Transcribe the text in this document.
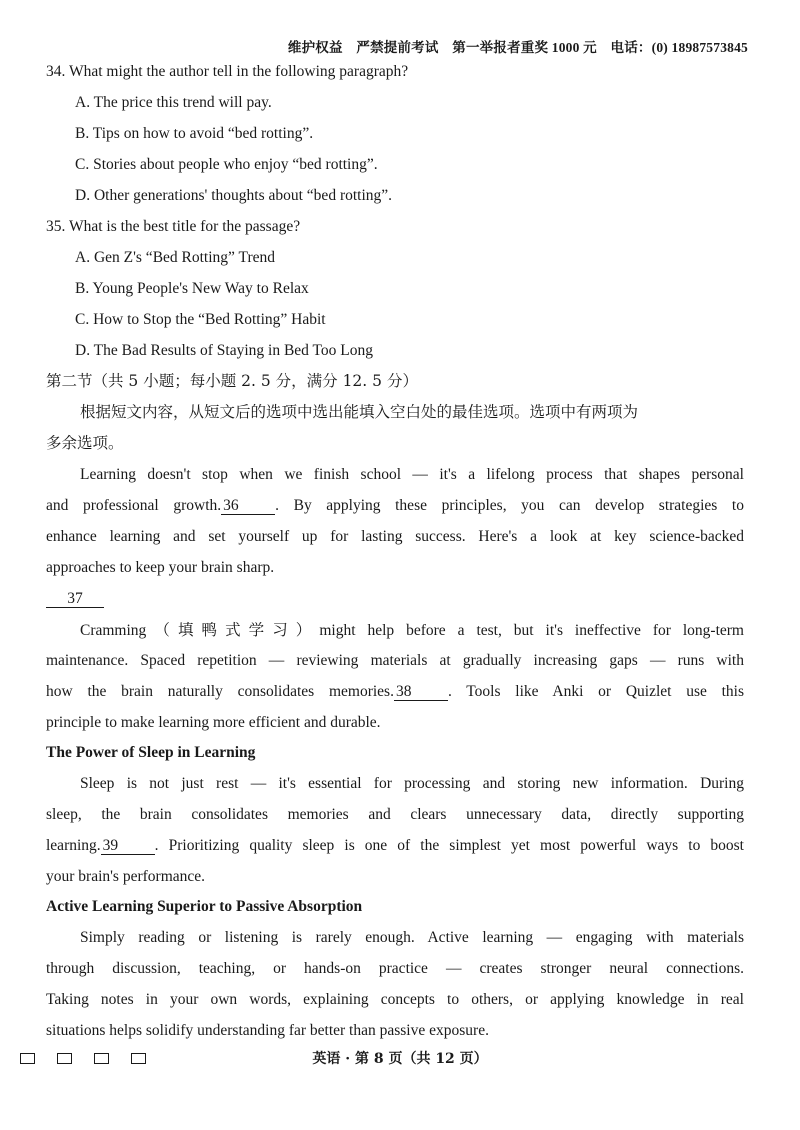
维护权益　严禁提前考试　第一举报者重奖 1000 元　电话：(0) 18987573845
34. What might the author tell in the following paragraph?
A. The price this trend will pay.
B. Tips on how to avoid “bed rotting”.
C. Stories about people who enjoy “bed rotting”.
D. Other generations' thoughts about “bed rotting”.
35. What is the best title for the passage?
A. Gen Z's “Bed Rotting” Trend
B. Young People's New Way to Relax
C. How to Stop the “Bed Rotting” Habit
D. The Bad Results of Staying in Bed Too Long
第二节（共 5 小题；每小题 2. 5 分，满分 12. 5 分）
根据短文内容，从短文后的选项中选出能填入空白处的最佳选项。选项中有两项为
多余选项。
Learning doesn't stop when we finish school — it's a lifelong process that shapes personal
and professional growth. 36 . By applying these principles, you can develop strategies to
enhance learning and set yourself up for lasting success. Here's a look at key science-backed
approaches to keep your brain sharp.
37
Cramming（填鸭式学习）might help before a test, but it's ineffective for long-term
maintenance. Spaced repetition — reviewing materials at gradually increasing gaps — runs with
how the brain naturally consolidates memories. 38 . Tools like Anki or Quizlet use this
principle to make learning more efficient and durable.
The Power of Sleep in Learning
Sleep is not just rest — it's essential for processing and storing new information. During
sleep, the brain consolidates memories and clears unnecessary data, directly supporting
learning. 39 . Prioritizing quality sleep is one of the simplest yet most powerful ways to boost
your brain's performance.
Active Learning Superior to Passive Absorption
Simply reading or listening is rarely enough. Active learning — engaging with materials
through discussion, teaching, or hands-on practice — creates stronger neural connections.
Taking notes in your own words, explaining concepts to others, or applying knowledge in real
situations helps solidify understanding far better than passive exposure.
英语 · 第 8 页（共 12 页）
